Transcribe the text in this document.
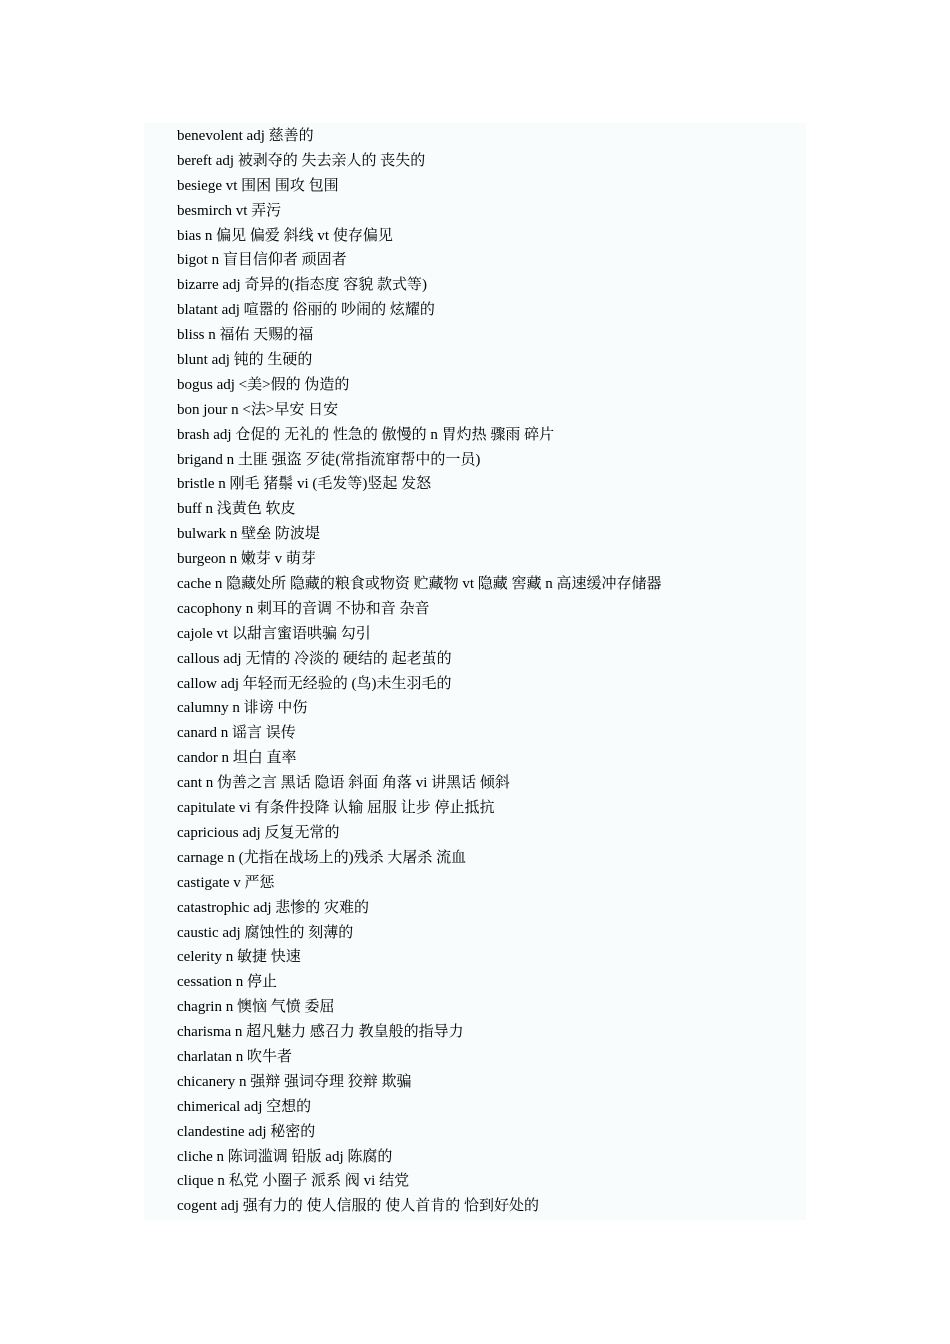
benevolent adj 慈善的
bereft adj 被剥夺的 失去亲人的 丧失的
besiege vt 围困 围攻 包围
besmirch vt 弄污
bias n 偏见 偏爱 斜线 vt 使存偏见
bigot n 盲目信仰者 顽固者
bizarre adj 奇异的(指态度 容貌 款式等)
blatant adj 喧嚣的 俗丽的 吵闹的 炫耀的
bliss n 福佑 天赐的福
blunt adj 钝的 生硬的
bogus adj <美>假的 伪造的
bon jour n <法>早安 日安
brash adj 仓促的 无礼的 性急的 傲慢的 n 胃灼热 骤雨 碎片
brigand n 土匪 强盗 歹徒(常指流窜帮中的一员)
bristle n 刚毛 猪鬃 vi (毛发等)竖起 发怒
buff n 浅黄色 软皮
bulwark n 壁垒 防波堤
burgeon n 嫩芽 v 萌芽
cache n 隐藏处所 隐藏的粮食或物资 贮藏物 vt 隐藏 窖藏 n 高速缓冲存储器
cacophony n 刺耳的音调 不协和音 杂音
cajole vt 以甜言蜜语哄骗 勾引
callous adj 无情的 冷淡的 硬结的 起老茧的
callow adj 年轻而无经验的 (鸟)未生羽毛的
calumny n 诽谤 中伤
canard n 谣言 误传
candor n 坦白 直率
cant n 伪善之言 黑话 隐语 斜面 角落 vi 讲黑话 倾斜
capitulate vi 有条件投降 认输 屈服 让步 停止抵抗
capricious adj 反复无常的
carnage n (尤指在战场上的)残杀 大屠杀 流血
castigate v 严惩
catastrophic adj 悲惨的 灾难的
caustic adj 腐蚀性的 刻薄的
celerity n 敏捷 快速
cessation n 停止
chagrin n 懊恼 气愤 委屈
charisma n 超凡魅力 感召力 教皇般的指导力
charlatan n 吹牛者
chicanery n 强辩 强词夺理 狡辩 欺骗
chimerical adj 空想的
clandestine adj 秘密的
cliche n 陈词滥调 铅版 adj 陈腐的
clique n 私党 小圈子 派系 阀 vi 结党
cogent adj 强有力的 使人信服的 使人首肯的 恰到好处的
